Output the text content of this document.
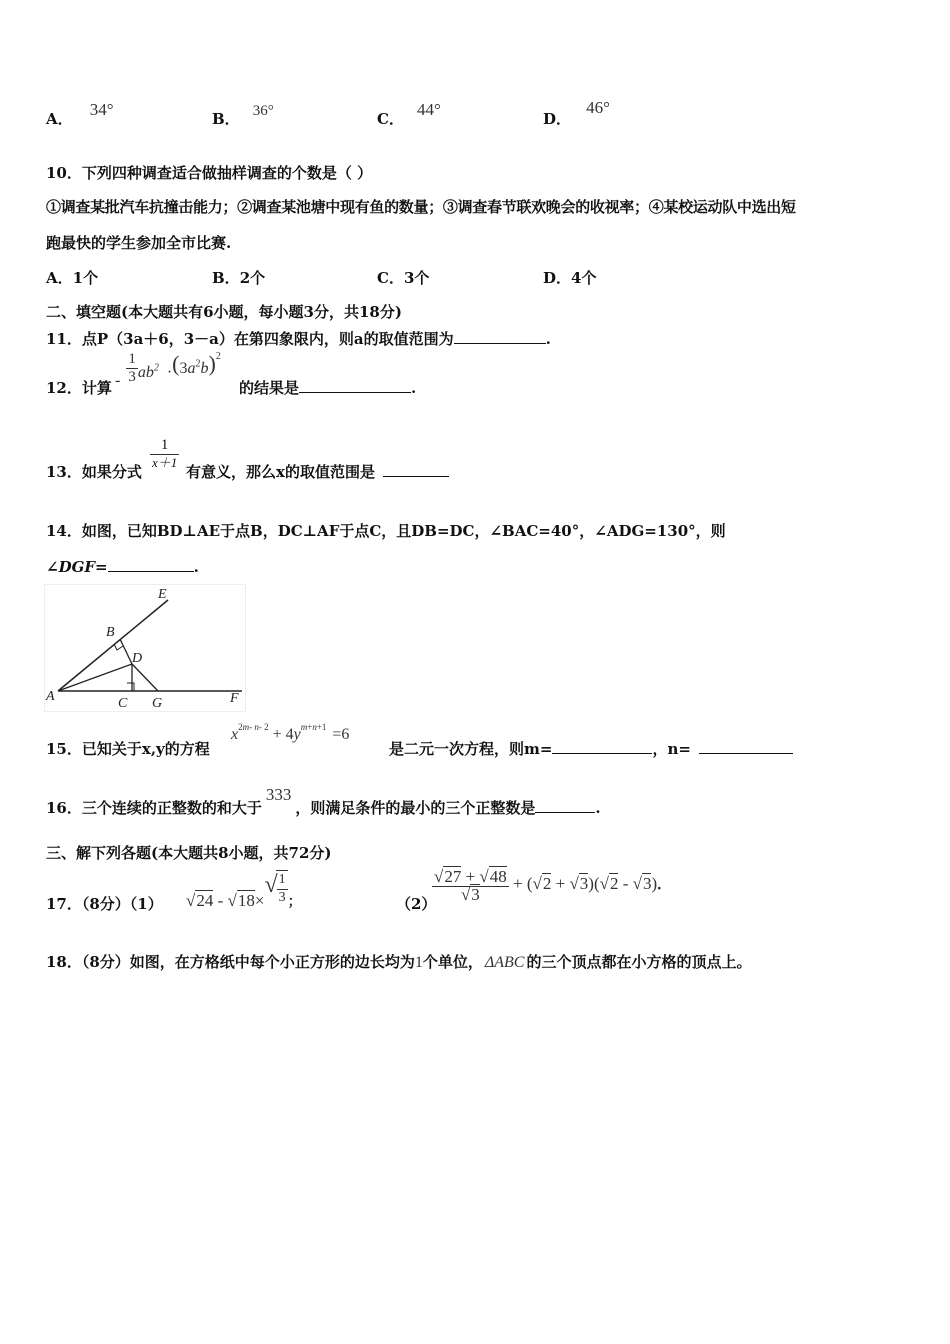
A． 34°	B． 36°	C． 44°	D． 46°
10．下列四种调查适合做抽样调查的个数是（ ）
①调查某批汽车抗撞击能力；②调查某池塘中现有鱼的数量；③调查春节联欢晚会的收视率；④某校运动队中选出短
跑最快的学生参加全市比赛.
A．1个	B．2个	C．3个	D．4个
二、填空题(本大题共有6小题，每小题3分，共18分)
11．点P（3a＋6，3－a）在第四象限内，则a的取值范围为	.
12．计算 - $\frac{1}{3} ab^2 \cdot(3a^2b)^2$
的结果是	.
13．如果分式
$\frac{1}{x+1}$
有意义，那么x的取值范围是
14．如图，已知BD⊥AE于点B，DC⊥AF于点C，且DB=DC，∠BAC=40°，∠ADG=130°，则
∠DGF=	.
E
B
D
A	C G	F
15．已知关于x,y的方程
$x^{2m- n- 2} + 4y^{m+n+1} =6$
是二元一次方程，则m=	，n=
16．三个连续的正整数的和大于333，则满足条件的最小的三个正整数是	.
三、解下列各题(本大题共8小题，共72分)
17．（8分）（1） √24 - √18×√
$\frac{1}{3} _;$	（2）
$\frac{√27 + √48}{√3} + (√2 + √3)(√2 - √3)$.
18．（8分）如图，在方格纸中每个小正方形的边长均为1个单位， ΔABC 的三个顶点都在小方格的顶点上。
